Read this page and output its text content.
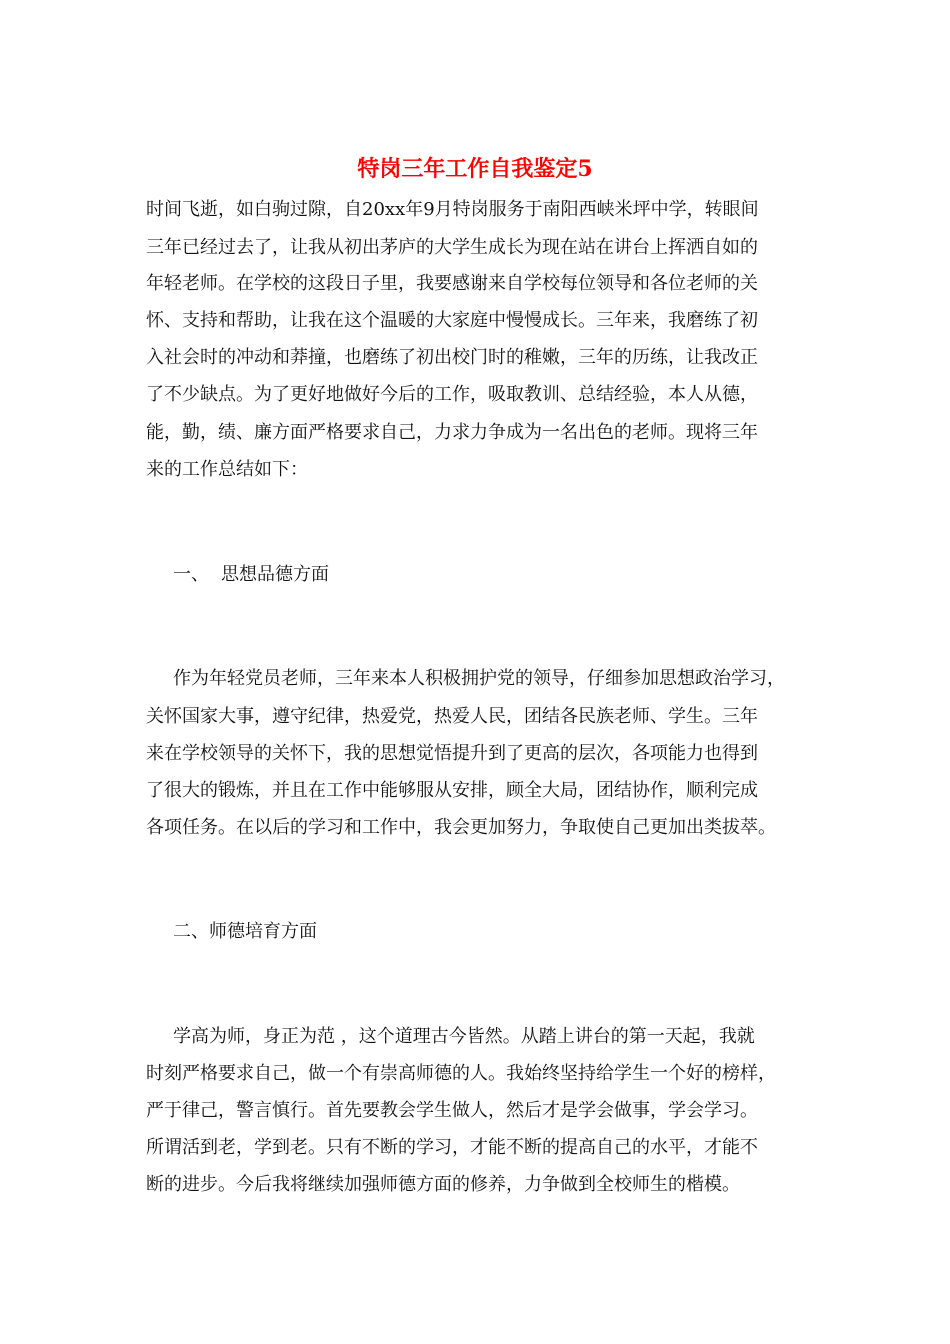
特岗三年工作自我鉴定5

时间飞逝，如白驹过隙，自20xx年9月特岗服务于南阳西峡米坪中学，转眼间

三年已经过去了，让我从初出茅庐的大学生成长为现在站在讲台上挥洒自如的

年轻老师。在学校的这段日子里，我要感谢来自学校每位领导和各位老师的关

怀、支持和帮助，让我在这个温暖的大家庭中慢慢成长。三年来，我磨练了初

入社会时的冲动和莽撞，也磨练了初出校门时的稚嫩，三年的历练，让我改正

了不少缺点。为了更好地做好今后的工作，吸取教训、总结经验，本人从德，

能，勤，绩、廉方面严格要求自己，力求力争成为一名出色的老师。现将三年

来的工作总结如下：

一、 思想品德方面

作为年轻党员老师，三年来本人积极拥护党的领导，仔细参加思想政治学习，

关怀国家大事，遵守纪律，热爱党，热爱人民，团结各民族老师、学生。三年

来在学校领导的关怀下，我的思想觉悟提升到了更高的层次，各项能力也得到

了很大的锻炼，并且在工作中能够服从安排，顾全大局，团结协作，顺利完成

各项任务。在以后的学习和工作中，我会更加努力，争取使自己更加出类拔萃。

二、师德培育方面

学高为师，身正为范 ，这个道理古今皆然。从踏上讲台的第一天起，我就

时刻严格要求自己，做一个有崇高师德的人。我始终坚持给学生一个好的榜样，

严于律己，警言慎行。首先要教会学生做人，然后才是学会做事，学会学习。

所谓活到老，学到老。只有不断的学习，才能不断的提高自己的水平，才能不

断的进步。今后我将继续加强师德方面的修养，力争做到全校师生的楷模。
